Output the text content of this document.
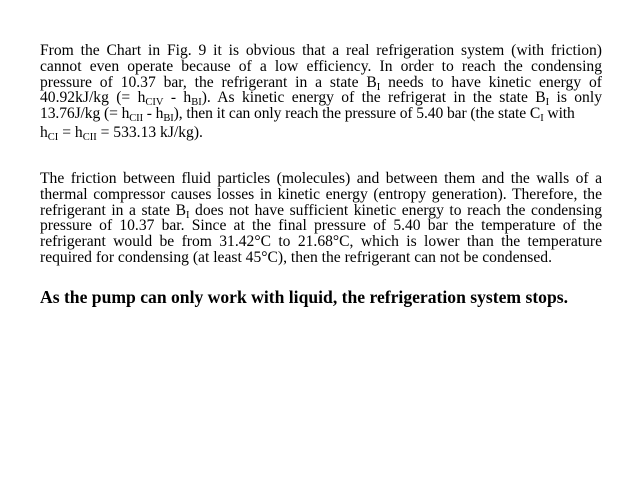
From the Chart in Fig. 9 it is obvious that a real refrigeration system (with friction)
cannot even operate because of a low efficiency. In order to reach the condensing
pressure of 10.37 bar, the refrigerant in a state $B_I$ needs to have kinetic energy of
40.92kJ/kg (= $h_{CIV} - h_{BI}$). As kinetic energy of the refrigerat in the state $B_I$ is only
13.76J/kg (= $h_{CII} - h_{BI}$), then it can only reach the pressure of 5.40 bar (the state $C_I$ with
$h_{CI} = h_{CII} = 533.13$ kJ/kg).

The friction between fluid particles (molecules) and between them and the walls of a
thermal compressor causes losses in kinetic energy (entropy generation). Therefore, the
refrigerant in a state $B_I$ does not have sufficient kinetic energy to reach the condensing
pressure of 10.37 bar. Since at the final pressure of 5.40 bar the temperature of the
refrigerant would be from 31.42°C to 21.68°C, which is lower than the temperature
required for condensing (at least 45°C), then the refrigerant can not be condensed.

As the pump can only work with liquid, the refrigeration system stops.
